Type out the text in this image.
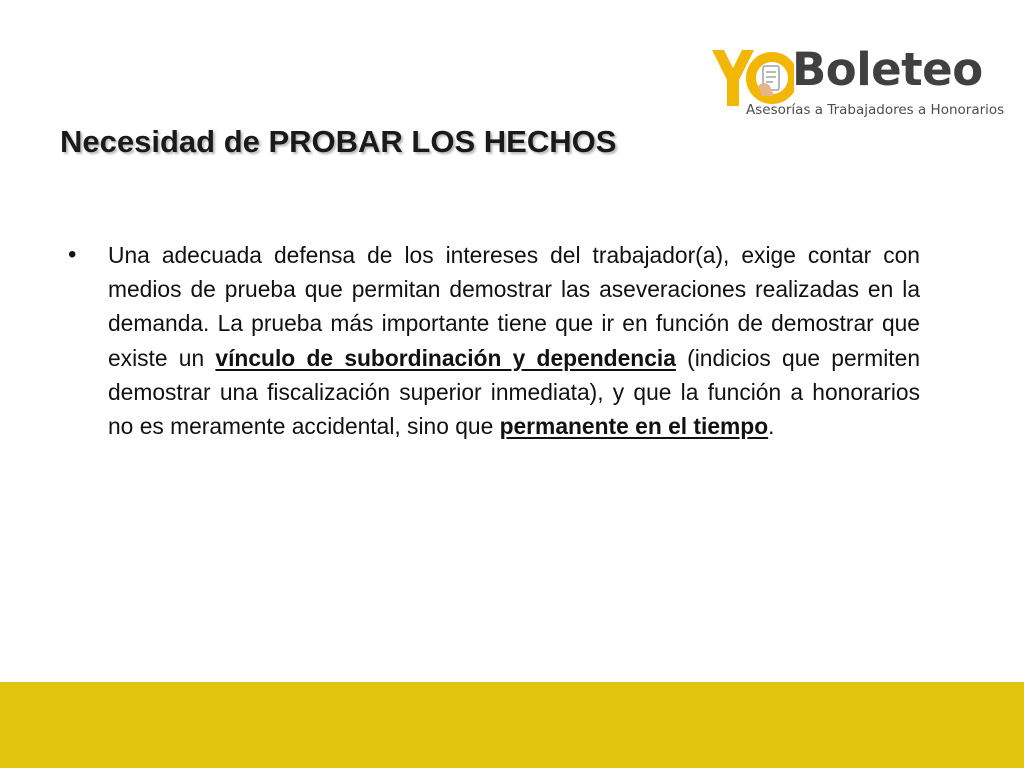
Boleteo
Asesorías a Trabajadores a Honorarios
Necesidad de PROBAR LOS HECHOS
• Una adecuada defensa de los intereses del trabajador(a), exige contar con medios de prueba que permitan demostrar las aseveraciones realizadas en la demanda. La prueba más importante tiene que ir en función de demostrar que existe un vínculo de subordinación y dependencia (indicios que permiten demostrar una fiscalización superior inmediata), y que la función a honorarios no es meramente accidental, sino que permanente en el tiempo.
